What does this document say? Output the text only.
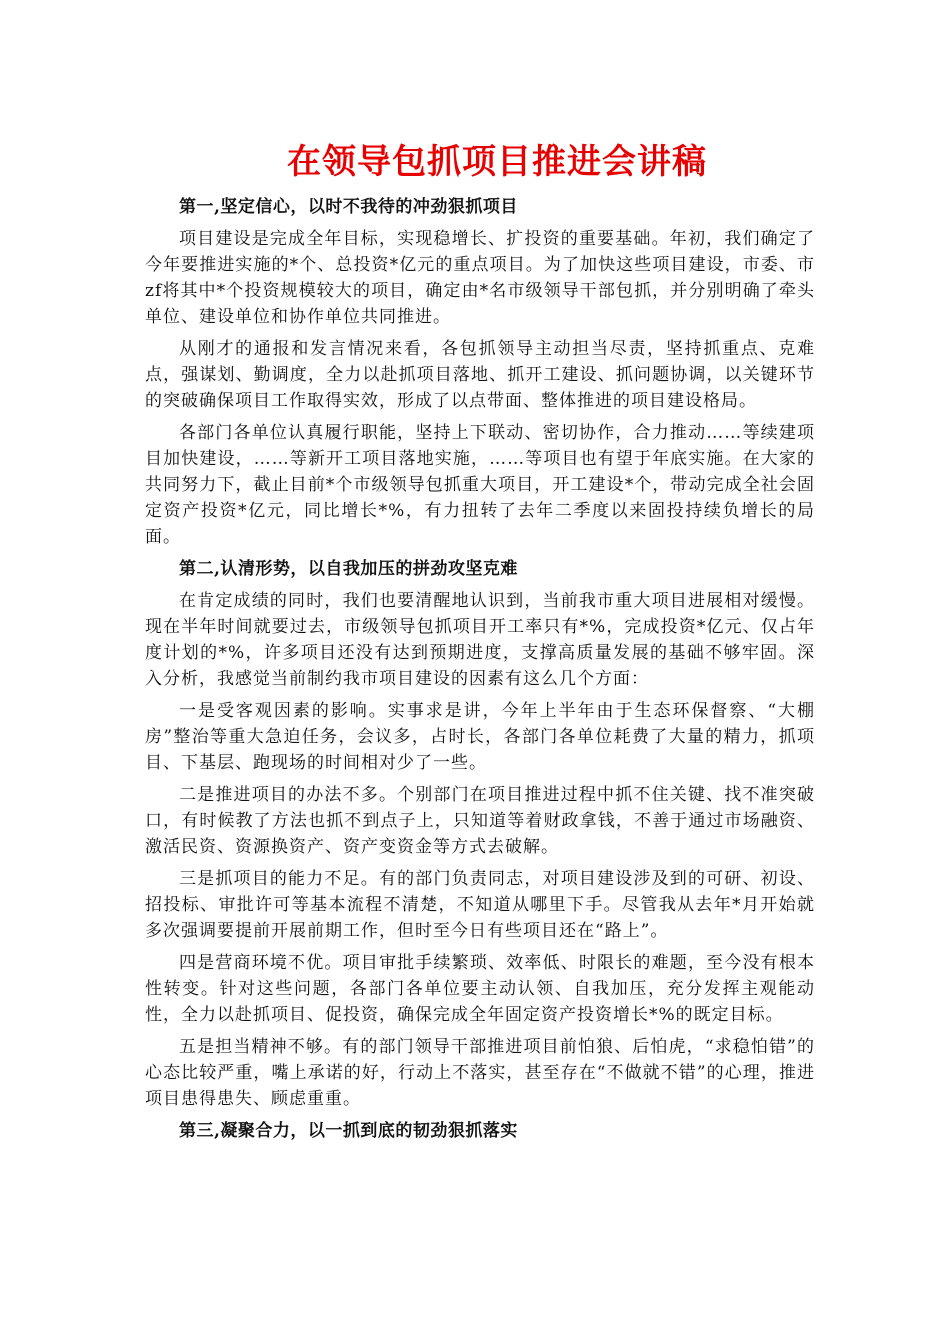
在领导包抓项目推进会讲稿

第一,坚定信心，以时不我待的冲劲狠抓项目

项目建设是完成全年目标，实现稳增长、扩投资的重要基础。年初，我们确定了今年要推进实施的*个、总投资*亿元的重点项目。为了加快这些项目建设，市委、市zf将其中*个投资规模较大的项目，确定由*名市级领导干部包抓，并分别明确了牵头单位、建设单位和协作单位共同推进。

从刚才的通报和发言情况来看，各包抓领导主动担当尽责，坚持抓重点、克难点，强谋划、勤调度，全力以赴抓项目落地、抓开工建设、抓问题协调，以关键环节的突破确保项目工作取得实效，形成了以点带面、整体推进的项目建设格局。

各部门各单位认真履行职能，坚持上下联动、密切协作，合力推动……等续建项目加快建设，……等新开工项目落地实施，……等项目也有望于年底实施。在大家的共同努力下，截止目前*个市级领导包抓重大项目，开工建设*个，带动完成全社会固定资产投资*亿元，同比增长*%，有力扭转了去年二季度以来固投持续负增长的局面。

第二,认清形势，以自我加压的拼劲攻坚克难

在肯定成绩的同时，我们也要清醒地认识到，当前我市重大项目进展相对缓慢。现在半年时间就要过去，市级领导包抓项目开工率只有*%，完成投资*亿元、仅占年度计划的*%，许多项目还没有达到预期进度，支撑高质量发展的基础不够牢固。深入分析，我感觉当前制约我市项目建设的因素有这么几个方面：

一是受客观因素的影响。实事求是讲，今年上半年由于生态环保督察、“大棚房”整治等重大急迫任务，会议多，占时长，各部门各单位耗费了大量的精力，抓项目、下基层、跑现场的时间相对少了一些。

二是推进项目的办法不多。个别部门在项目推进过程中抓不住关键、找不准突破口，有时候教了方法也抓不到点子上，只知道等着财政拿钱，不善于通过市场融资、激活民资、资源换资产、资产变资金等方式去破解。

三是抓项目的能力不足。有的部门负责同志，对项目建设涉及到的可研、初设、招投标、审批许可等基本流程不清楚，不知道从哪里下手。尽管我从去年*月开始就多次强调要提前开展前期工作，但时至今日有些项目还在“路上”。

四是营商环境不优。项目审批手续繁琐、效率低、时限长的难题，至今没有根本性转变。针对这些问题，各部门各单位要主动认领、自我加压，充分发挥主观能动性，全力以赴抓项目、促投资，确保完成全年固定资产投资增长*%的既定目标。

五是担当精神不够。有的部门领导干部推进项目前怕狼、后怕虎，“求稳怕错”的心态比较严重，嘴上承诺的好，行动上不落实，甚至存在“不做就不错”的心理，推进项目患得患失、顾虑重重。

第三,凝聚合力，以一抓到底的韧劲狠抓落实
